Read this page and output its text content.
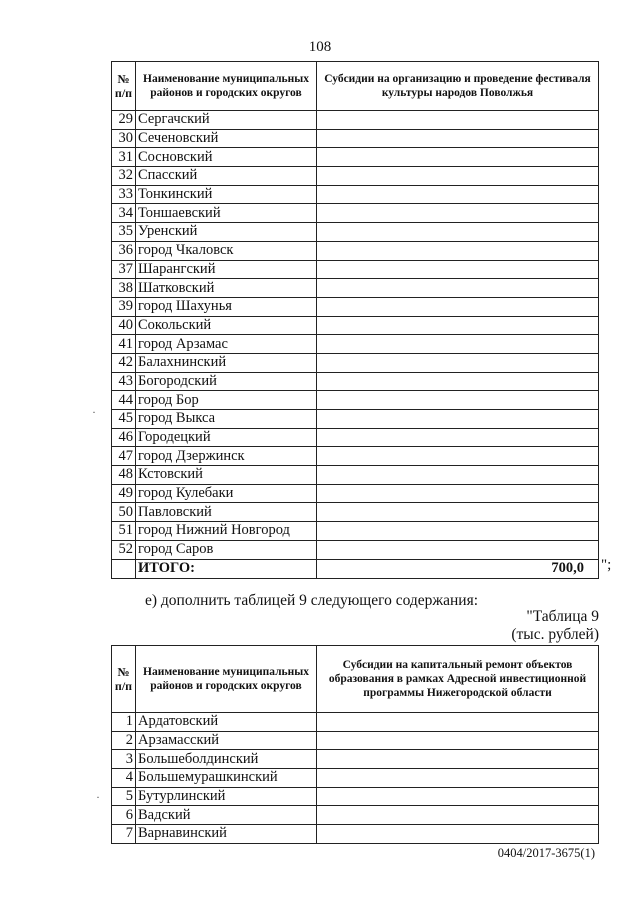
108
№ п/п	Наименование муниципальных районов и городских округов	Субсидии на организацию и проведение фестиваля культуры народов Поволжья
29	Сергачский	
30	Сеченовский	
31	Сосновский	
32	Спасский	
33	Тонкинский	
34	Тоншаевский	
35	Уренский	
36	город Чкаловск	
37	Шарангский	
38	Шатковский	
39	город Шахунья	
40	Сокольский	
41	город Арзамас	
42	Балахнинский	
43	Богородский	
44	город Бор	
45	город Выкса	
46	Городецкий	
47	город Дзержинск	
48	Кстовский	
49	город Кулебаки	
50	Павловский	
51	город Нижний Новгород	
52	город Саров	
	ИТОГО:	700,0 ";
е) дополнить таблицей 9 следующего содержания:
"Таблица 9
(тыс. рублей)
№ п/п	Наименование муниципальных районов и городских округов	Субсидии на капитальный ремонт объектов образования в рамках Адресной инвестиционной программы Нижегородской области
1	Ардатовский	
2	Арзамасский	
3	Большеболдинский	
4	Большемурашкинский	
5	Бутурлинский	
6	Вадский	
7	Варнавинский	
0404/2017-3675(1)
·
·
